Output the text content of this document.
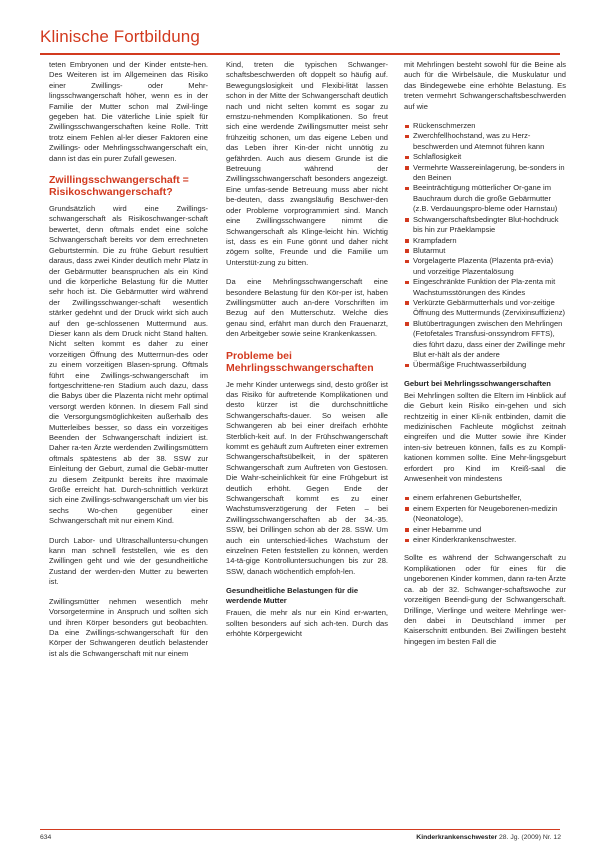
Klinische Fortbildung

teten Embryonen und der Kinder entste-hen. Des Weiteren ist im Allgemeinen das Risiko einer Zwillings- oder Mehr-lingsschwangerschaft höher, wenn es in der Familie der Mutter schon mal Zwil-linge gegeben hat. Die väterliche Linie spielt für Zwillingsschwangerschaften keine Rolle. Tritt trotz einem Fehlen al-ler dieser Faktoren eine Zwillings- oder Mehrlingsschwangerschaft ein, dann ist das ein purer Zufall gewesen.

Zwillingsschwangerschaft = Risikoschwangerschaft?

Grundsätzlich wird eine Zwillings-schwangerschaft als Risikoschwanger-schaft bewertet, denn oftmals endet eine solche Schwangerschaft bereits vor dem errechneten Geburtstermin. Die zu frühe Geburt resultiert daraus, dass zwei Kinder deutlich mehr Platz in der Gebärmutter beanspruchen als ein Kind und die körperliche Belastung für die Mutter sehr hoch ist. Die Gebärmutter wird während der Zwillingsschwanger-schaft wesentlich stärker gedehnt und der Druck wirkt sich auch auf den ge-schlossenen Muttermund aus. Dieser kann als dem Druck nicht Stand halten. Nicht selten kommt es daher zu einer vorzeitigen Öffnung des Mutterrnun-des oder zu einem vorzeitigen Blasen-sprung. Oftmals führt eine Zwillings-schwangerschaft im fortgeschrittene-ren Stadium auch dazu, dass die Babys über die Plazenta nicht mehr optimal versorgt werden können. In diesem Fall sind die Versorgungsmöglichkeiten außerhalb des Mutterleibes besser, so dass ein vorzeitiges Beenden der Schwangerschaft indiziert ist. Daher ra-ten Ärzte werdenden Zwillingsmüttern oftmals spätestens ab der 38. SSW zur Einleitung der Geburt, zumal die Gebär-mutter zu diesem Zeitpunkt bereits ihre maximale Größe erreicht hat. Durch-schnittlich verkürzt sich eine Zwillings-schwangerschaft um vier bis sechs Wo-chen gegenüber einer Schwangerschaft mit nur einem Kind.

Durch Labor- und Ultraschalluntersu-chungen kann man schnell feststellen, wie es den Zwillingen geht und wie der gesundheitliche Zustand der werden-den Mutter zu bewerten ist.

Zwillingsmütter nehmen wesentlich mehr Vorsorgetermine in Anspruch und sollten sich und ihren Körper besonders gut beobachten. Da eine Zwillings-schwangerschaft für den Körper der Schwangeren deutlich belastender ist als die Schwangerschaft mit nur einem

Kind, treten die typischen Schwanger-schaftsbeschwerden oft doppelt so häufig auf. Bewegungslosigkeit und Flexibi-lität lassen schon in der Mitte der Schwangerschaft deutlich nach und nicht selten kommt es sogar zu ernstzu-nehmenden Komplikationen. So freut sich eine werdende Zwillingsmutter meist sehr frühzeitig schonen, um das eigene Leben und das Leben ihrer Kin-der nicht unnötig zu gefährden. Auch aus diesem Grunde ist die Betreuung während der Zwillingsschwangerschaft besonders angezeigt. Eine umfas-sende Betreuung muss aber nicht be-deuten, dass zwangsläufig Beschwer-den oder Probleme vorprogrammiert sind. Manch eine Zwillingsschwangere nimmt die Schwangerschaft als Klinge-leicht hin. Wichtig ist, dass es ein Fune gönnt und daher nicht zögern sollte, Freunde und die Familie um Unterstüt-zung zu bitten.

Da eine Mehrlingsschwangerschaft eine besondere Belastung für den Kör-per ist, haben Zwillingsmütter auch an-dere Vorschriften im Bezug auf den Mutterschutz. Welche dies genau sind, erfährt man durch den Frauenarzt, den Arbeitgeber sowie seine Krankenkassen.

Probleme bei Mehrlingsschwangerschaften

Je mehr Kinder unterwegs sind, desto größer ist das Risiko für auftretende Komplikationen und desto kürzer ist die durchschnittliche Schwangerschafts-dauer. So weisen alle Schwangeren ab bei einer dreifach erhöhte Sterblich-keit auf. In der Frühschwangerschaft kommt es gehäuft zum Auftreten einer extremen Schwangerschaftsübelkeit, in der späteren Schwangerschaft zum Auftreten von Gestosen. Die Wahr-scheinlichkeit für eine Frühgeburt ist deutlich erhöht. Gegen Ende der Schwangerschaft kommt es zu einer Wachstumsverzögerung der Feten – bei Zwillingsschwangerschaften ab der 34.-35. SSW, bei Drillingen schon ab der 28. SSW. Um auch ein unterschied-liches Wachstum der einzelnen Feten feststellen zu können, werden 14-tä-gige Kontrolluntersuchungen bis zur 28. SSW, danach wöchentlich empfoh-len.

Gesundheitliche Belastungen für die werdende Mutter

Frauen, die mehr als nur ein Kind er-warten, sollten besonders auf sich ach-ten. Durch das erhöhte Körpergewicht

mit Mehrlingen besteht sowohl für die Beine als auch für die Wirbelsäule, die Muskulatur und das Bindegewebe eine erhöhte Belastung. Es treten vermehrt Schwangerschaftsbeschwerden auf wie

Rückenschmerzen
Zwerchfellhochstand, was zu Herz-beschwerden und Atemnot führen kann
Schlaflosigkeit
Vermehrte Wassereinlagerung, be-sonders in den Beinen
Beeinträchtigung mütterlicher Or-gane im Bauchraum durch die große Gebärmutter (z.B. Verdauungspro-bleme oder Harnstau)
Schwangerschaftsbedingter Blut-hochdruck bis hin zur Präeklampsie
Krampfadern
Blutarmut
Vorgelagerte Plazenta (Plazenta prä-evia) und vorzeitige Plazentalösung
Eingeschränkte Funktion der Pla-zenta mit Wachstumsstörungen des Kindes
Verkürzte Gebärmutterhals und vor-zeitige Öffnung des Muttermunds (Zervixinsuffizienz)
Blutübertragungen zwischen den Mehrlingen (Fetofetales Transfusi-onssyndrom FFTS), dies führt dazu, dass einer der Zwillinge mehr Blut er-hält als der andere
Übermäßige Fruchtwasserbildung
Geburt bei Mehrlingsschwangerschaften

Bei Mehrlingen sollten die Eltern im Hinblick auf die Geburt kein Risiko ein-gehen und sich rechtzeitig in einer Kli-nik entbinden, damit die medizinischen Fachleute möglichst zeitnah eingreifen und die Mutter sowie ihre Kinder inten-siv betreuen können, falls es zu Kompli-kationen kommen sollte. Eine Mehr-lingsgeburt erfordert pro Kind im Kreiß-saal die Anwesenheit von mindestens

einem erfahrenen Geburtshelfer,
einem Experten für Neugeborenen-medizin (Neonatologe),
einer Hebamme und
einer Kinderkrankenschwester.

Sollte es während der Schwangerschaft zu Komplikationen oder für eines für die ungeborenen Kinder kommen, dann ra-ten Ärzte ca. ab der 32. Schwanger-schaftswoche zur vorzeitigen Beendi-gung der Schwangerschaft. Drillinge, Vierlinge und weitere Mehrlinge wer-den dabei in Deutschland immer per Kaiserschnitt entbunden. Bei Zwillingen besteht hingegen im besten Fall die

634	Kinderkrankenschwester 28. Jg. (2009) Nr. 12
